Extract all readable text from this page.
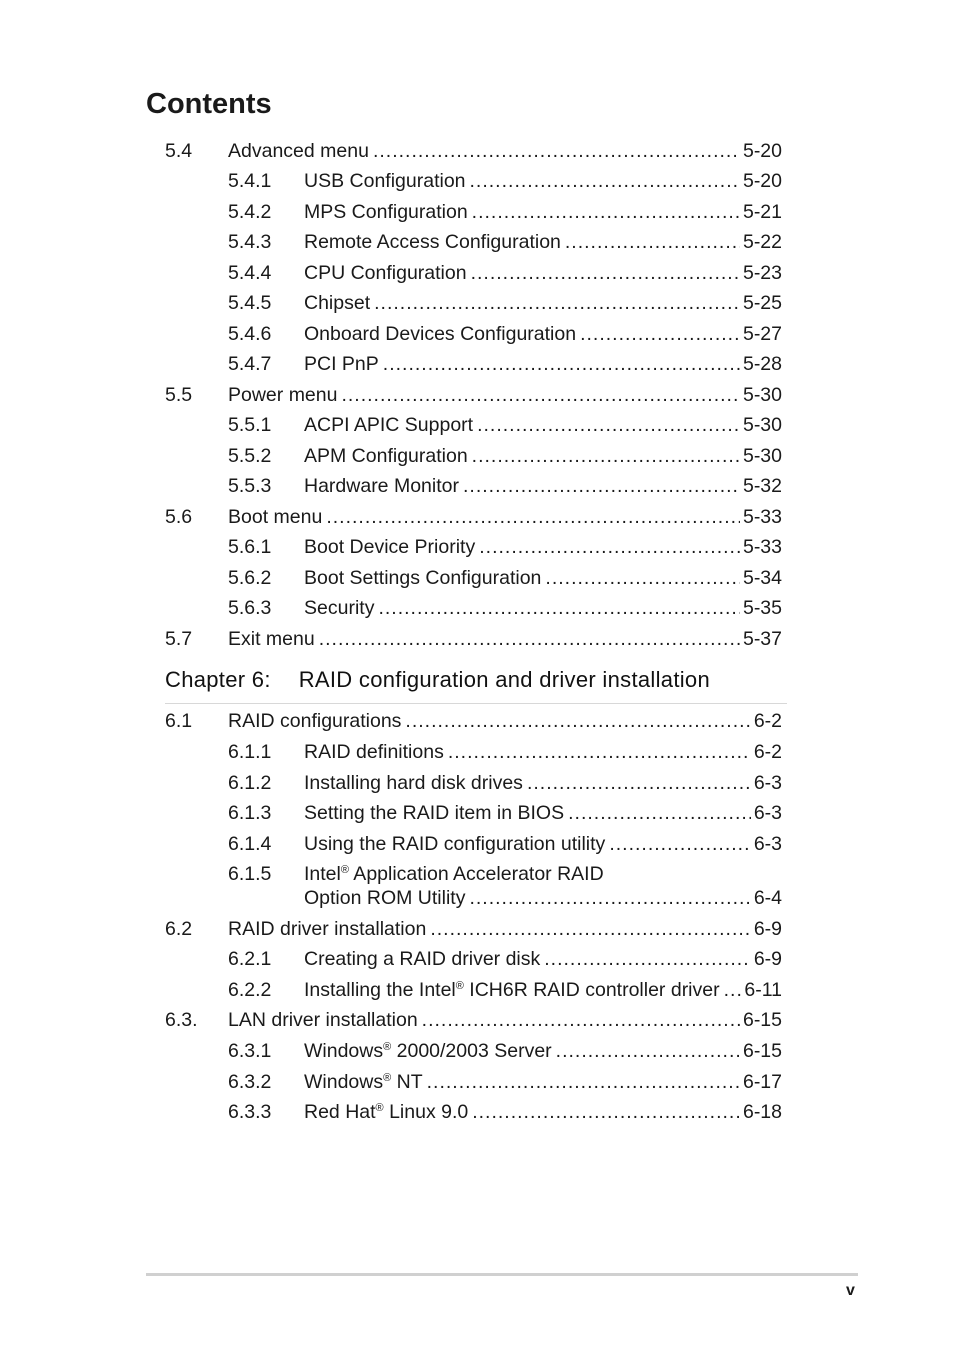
Contents
5.4 Advanced menu .....	5-20
5.4.1 USB Configuration .....	5-20
5.4.2 MPS Configuration .....	5-21
5.4.3 Remote Access Configuration .....	5-22
5.4.4 CPU Configuration .....	5-23
5.4.5 Chipset .....	5-25
5.4.6 Onboard Devices Configuration .....	5-27
5.4.7 PCI PnP .....	5-28
5.5 Power menu .....	5-30
5.5.1 ACPI APIC Support .....	5-30
5.5.2 APM Configuration .....	5-30
5.5.3 Hardware Monitor .....	5-32
5.6 Boot menu .....	5-33
5.6.1 Boot Device Priority .....	5-33
5.6.2 Boot Settings Configuration .....	5-34
5.6.3 Security .....	5-35
5.7 Exit menu .....	5-37
6.1 RAID configurations .....	6-2
6.1.1 RAID definitions .....	6-2
6.1.2 Installing hard disk drives .....	6-3
6.1.3 Setting the RAID item in BIOS .....	6-3
6.1.4 Using the RAID configuration utility .....	6-3
6.1.5 Intel® Application Accelerator RAID
Option ROM Utility .....	6-4
6.2 RAID driver installation .....	6-9
6.2.1 Creating a RAID driver disk .....	6-9
6.2.2 Installing the Intel® ICH6R RAID controller driver ..... 6-11
6.3. LAN driver installation .....	6-15
6.3.1 Windows® 2000/2003 Server .....	6-15
6.3.2 Windows® NT .....	6-17
6.3.3 Red Hat® Linux 9.0 .....	6-18
Chapter 6: RAID configuration and driver installation
v
